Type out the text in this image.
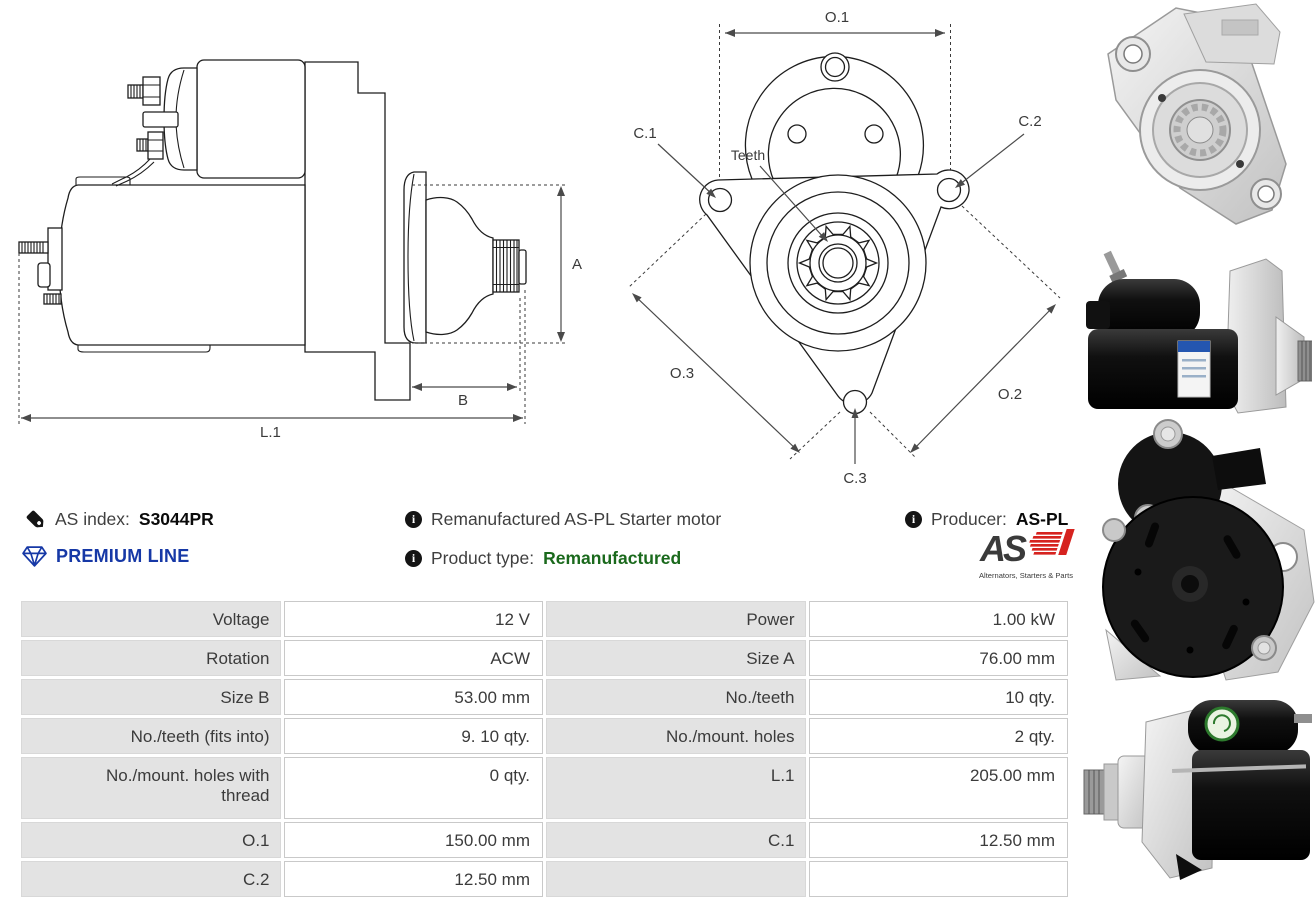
A
B
L.1
O.1
Teeth
C.1
C.2
C.3
O.3
O.2
AS index: S3044PR
PREMIUM LINE
i Remanufactured AS-PL Starter motor
i Product type: Remanufactured
i Producer: AS-PL
AS
Alternators, Starters & Parts
Voltage	12 V	Power	1.00 kW
Rotation	ACW	Size A	76.00 mm
Size B	53.00 mm	No./teeth	10 qty.
No./teeth (fits into)	9. 10 qty.	No./mount. holes	2 qty.
No./mount. holes with thread	0 qty.	L.1	205.00 mm
O.1	150.00 mm	C.1	12.50 mm
C.2	12.50 mm		
